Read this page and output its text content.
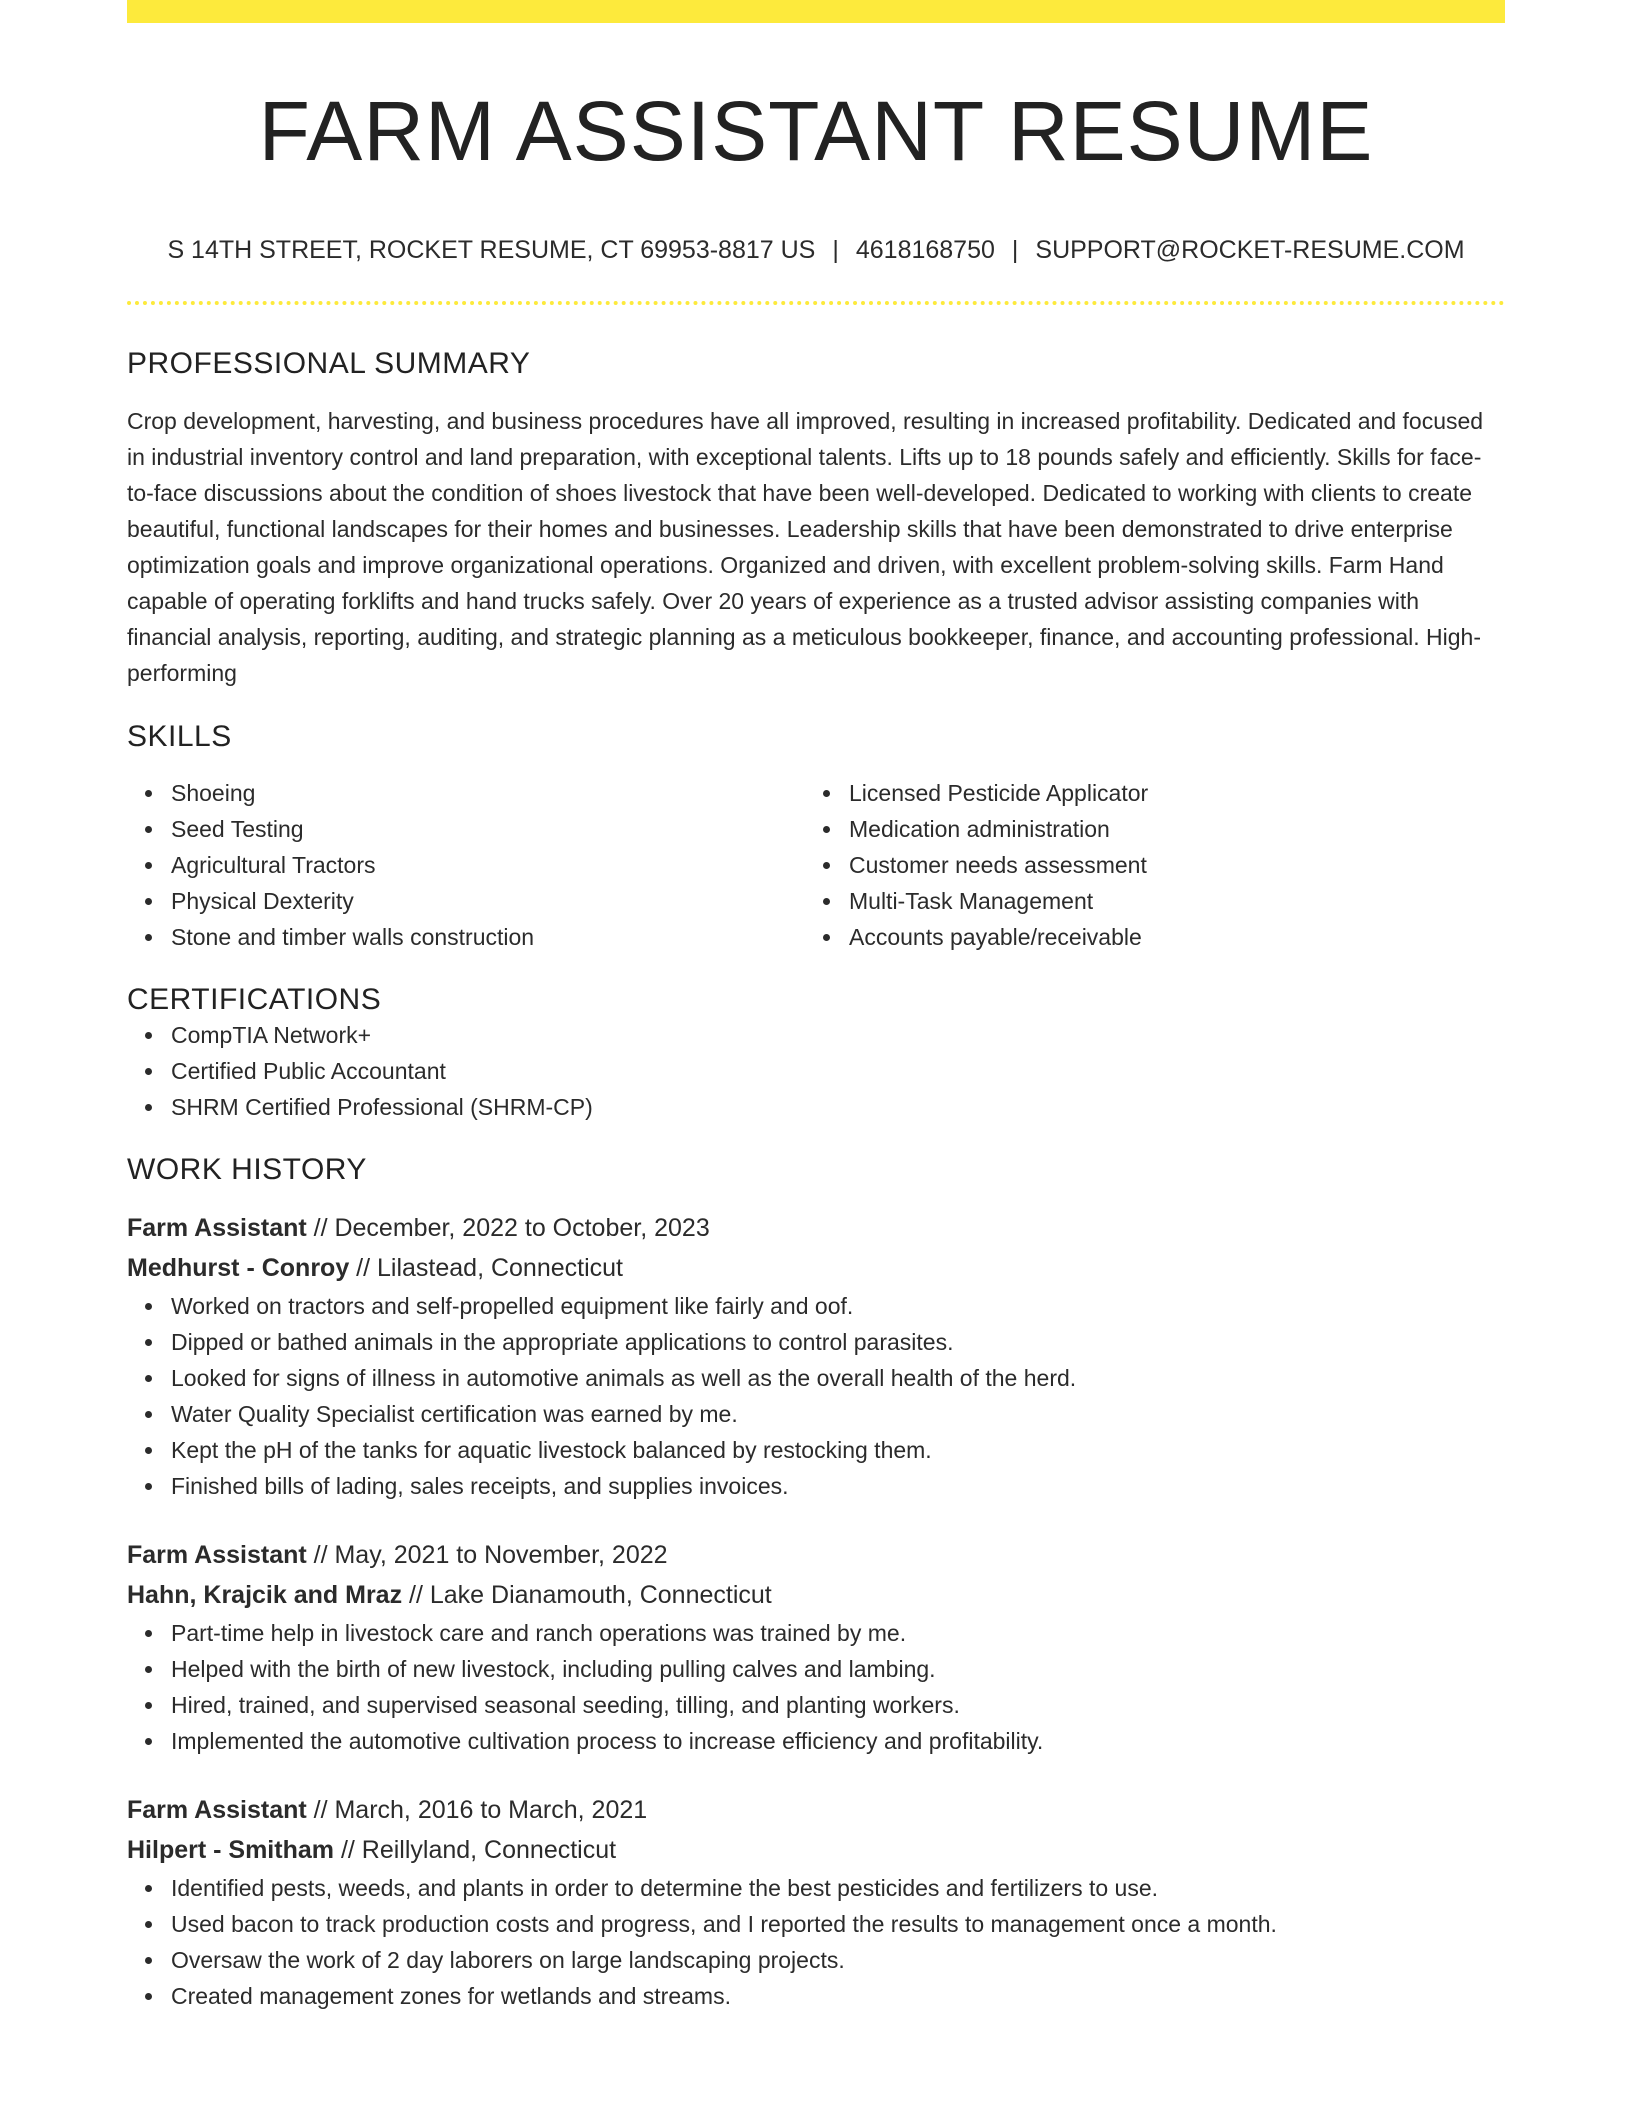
FARM ASSISTANT RESUME
S 14TH STREET, ROCKET RESUME, CT 69953-8817 US | 4618168750 | SUPPORT@ROCKET-RESUME.COM
PROFESSIONAL SUMMARY

Crop development, harvesting, and business procedures have all improved, resulting in increased profitability. Dedicated and focused in industrial inventory control and land preparation, with exceptional talents. Lifts up to 18 pounds safely and efficiently. Skills for face-to-face discussions about the condition of shoes livestock that have been well-developed. Dedicated to working with clients to create beautiful, functional landscapes for their homes and businesses. Leadership skills that have been demonstrated to drive enterprise optimization goals and improve organizational operations. Organized and driven, with excellent problem-solving skills. Farm Hand capable of operating forklifts and hand trucks safely. Over 20 years of experience as a trusted advisor assisting companies with financial analysis, reporting, auditing, and strategic planning as a meticulous bookkeeper, finance, and accounting professional. High-performing

SKILLS
Shoeing
Seed Testing
Agricultural Tractors
Physical Dexterity
Stone and timber walls construction
Licensed Pesticide Applicator
Medication administration
Customer needs assessment
Multi-Task Management
Accounts payable/receivable
CERTIFICATIONS
CompTIA Network+
Certified Public Accountant
SHRM Certified Professional (SHRM-CP)
WORK HISTORY
Farm Assistant // December, 2022 to October, 2023
Medhurst - Conroy // Lilastead, Connecticut
Worked on tractors and self-propelled equipment like fairly and oof.
Dipped or bathed animals in the appropriate applications to control parasites.
Looked for signs of illness in automotive animals as well as the overall health of the herd.
Water Quality Specialist certification was earned by me.
Kept the pH of the tanks for aquatic livestock balanced by restocking them.
Finished bills of lading, sales receipts, and supplies invoices.
Farm Assistant // May, 2021 to November, 2022
Hahn, Krajcik and Mraz // Lake Dianamouth, Connecticut
Part-time help in livestock care and ranch operations was trained by me.
Helped with the birth of new livestock, including pulling calves and lambing.
Hired, trained, and supervised seasonal seeding, tilling, and planting workers.
Implemented the automotive cultivation process to increase efficiency and profitability.
Farm Assistant // March, 2016 to March, 2021
Hilpert - Smitham // Reillyland, Connecticut
Identified pests, weeds, and plants in order to determine the best pesticides and fertilizers to use.
Used bacon to track production costs and progress, and I reported the results to management once a month.
Oversaw the work of 2 day laborers on large landscaping projects.
Created management zones for wetlands and streams.
